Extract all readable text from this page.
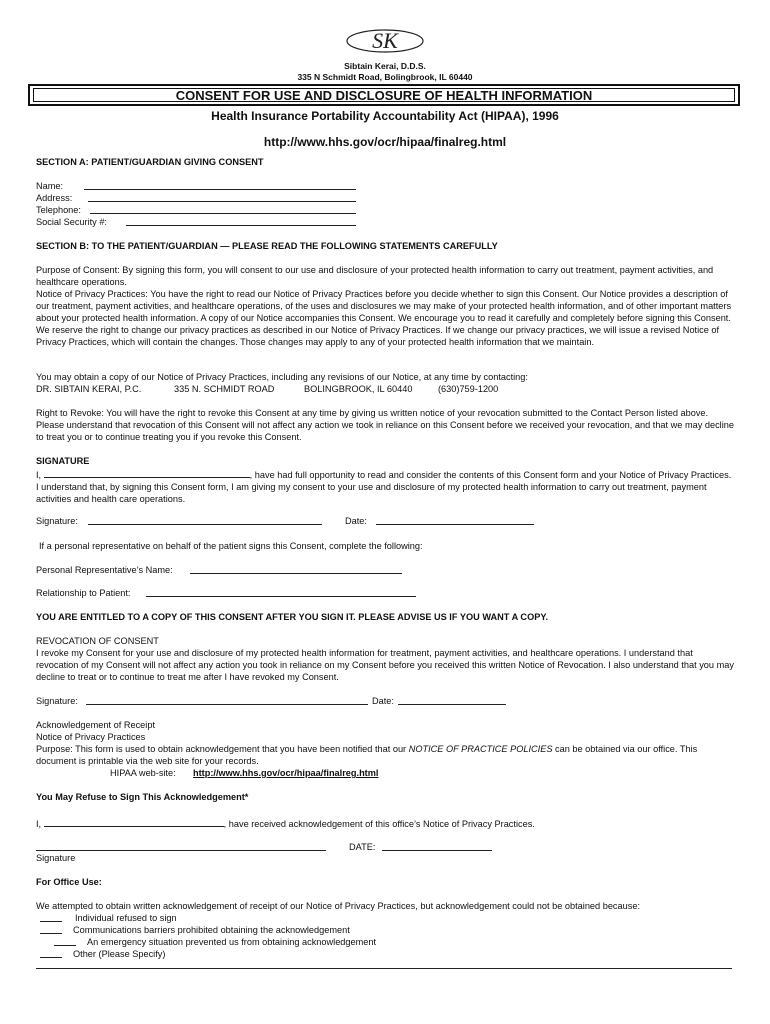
SK
Sibtain Kerai, D.D.S.
335 N Schmidt Road, Bolingbrook, IL 60440
CONSENT FOR USE AND DISCLOSURE OF HEALTH INFORMATION
Health Insurance Portability Accountability Act (HIPAA), 1996
http://www.hhs.gov/ocr/hipaa/finalreg.html
SECTION A: PATIENT/GUARDIAN GIVING CONSENT
Name:
Address:
Telephone:
Social Security #:
SECTION B: TO THE PATIENT/GUARDIAN — PLEASE READ THE FOLLOWING STATEMENTS CAREFULLY

Purpose of Consent: By signing this form, you will consent to our use and disclosure of your protected health information to carry out treatment, payment activities, and healthcare operations.

Notice of Privacy Practices: You have the right to read our Notice of Privacy Practices before you decide whether to sign this Consent. Our Notice provides a description of our treatment, payment activities, and healthcare operations, of the uses and disclosures we may make of your protected health information, and of other important matters about your protected health information. A copy of our Notice accompanies this Consent. We encourage you to read it carefully and completely before signing this Consent.

We reserve the right to change our privacy practices as described in our Notice of Privacy Practices. If we change our privacy practices, we will issue a revised Notice of Privacy Practices, which will contain the changes. Those changes may apply to any of your protected health information that we maintain.

You may obtain a copy of our Notice of Privacy Practices, including any revisions of our Notice, at any time by contacting:
DR. SIBTAIN KERAI, P.C.	335 N. SCHMIDT ROAD	BOLINGBROOK, IL 60440	(630)759-1200
Right to Revoke: You will have the right to revoke this Consent at any time by giving us written notice of your revocation submitted to the Contact Person listed above. Please understand that revocation of this Consent will not affect any action we took in reliance on this Consent before we received your revocation, and that we may decline to treat you or to continue treating you if you revoke this Consent.
SIGNATURE
I,	, have had full opportunity to read and consider the contents of this Consent form and your Notice of Privacy Practices. I understand that, by signing this Consent form, I am giving my consent to your use and disclosure of my protected health information to carry out treatment, payment activities and health care operations.
Signature:	Date:
If a personal representative on behalf of the patient signs this Consent, complete the following:
Personal Representative’s Name:
Relationship to Patient:
YOU ARE ENTITLED TO A COPY OF THIS CONSENT AFTER YOU SIGN IT. PLEASE ADVISE US IF YOU WANT A COPY.
REVOCATION OF CONSENT
I revoke my Consent for your use and disclosure of my protected health information for treatment, payment activities, and healthcare operations. I understand that revocation of my Consent will not affect any action you took in reliance on my Consent before you received this written Notice of Revocation. I also understand that you may decline to treat or to continue to treat me after I have revoked my Consent.
Signature:	Date:
Acknowledgement of Receipt
Notice of Privacy Practices
Purpose: This form is used to obtain acknowledgement that you have been notified that our NOTICE OF PRACTICE POLICIES can be obtained via our office. This document is printable via the web site for your records.
HIPAA web-site: http://www.hhs.gov/ocr/hipaa/finalreg.html
You May Refuse to Sign This Acknowledgement*
I,	, have received acknowledgement of this office’s Notice of Privacy Practices.
DATE:
Signature
For Office Use:
We attempted to obtain written acknowledgement of receipt of our Notice of Privacy Practices, but acknowledgement could not be obtained because:
Individual refused to sign
Communications barriers prohibited obtaining the acknowledgement
An emergency situation prevented us from obtaining acknowledgement
Other (Please Specify)
